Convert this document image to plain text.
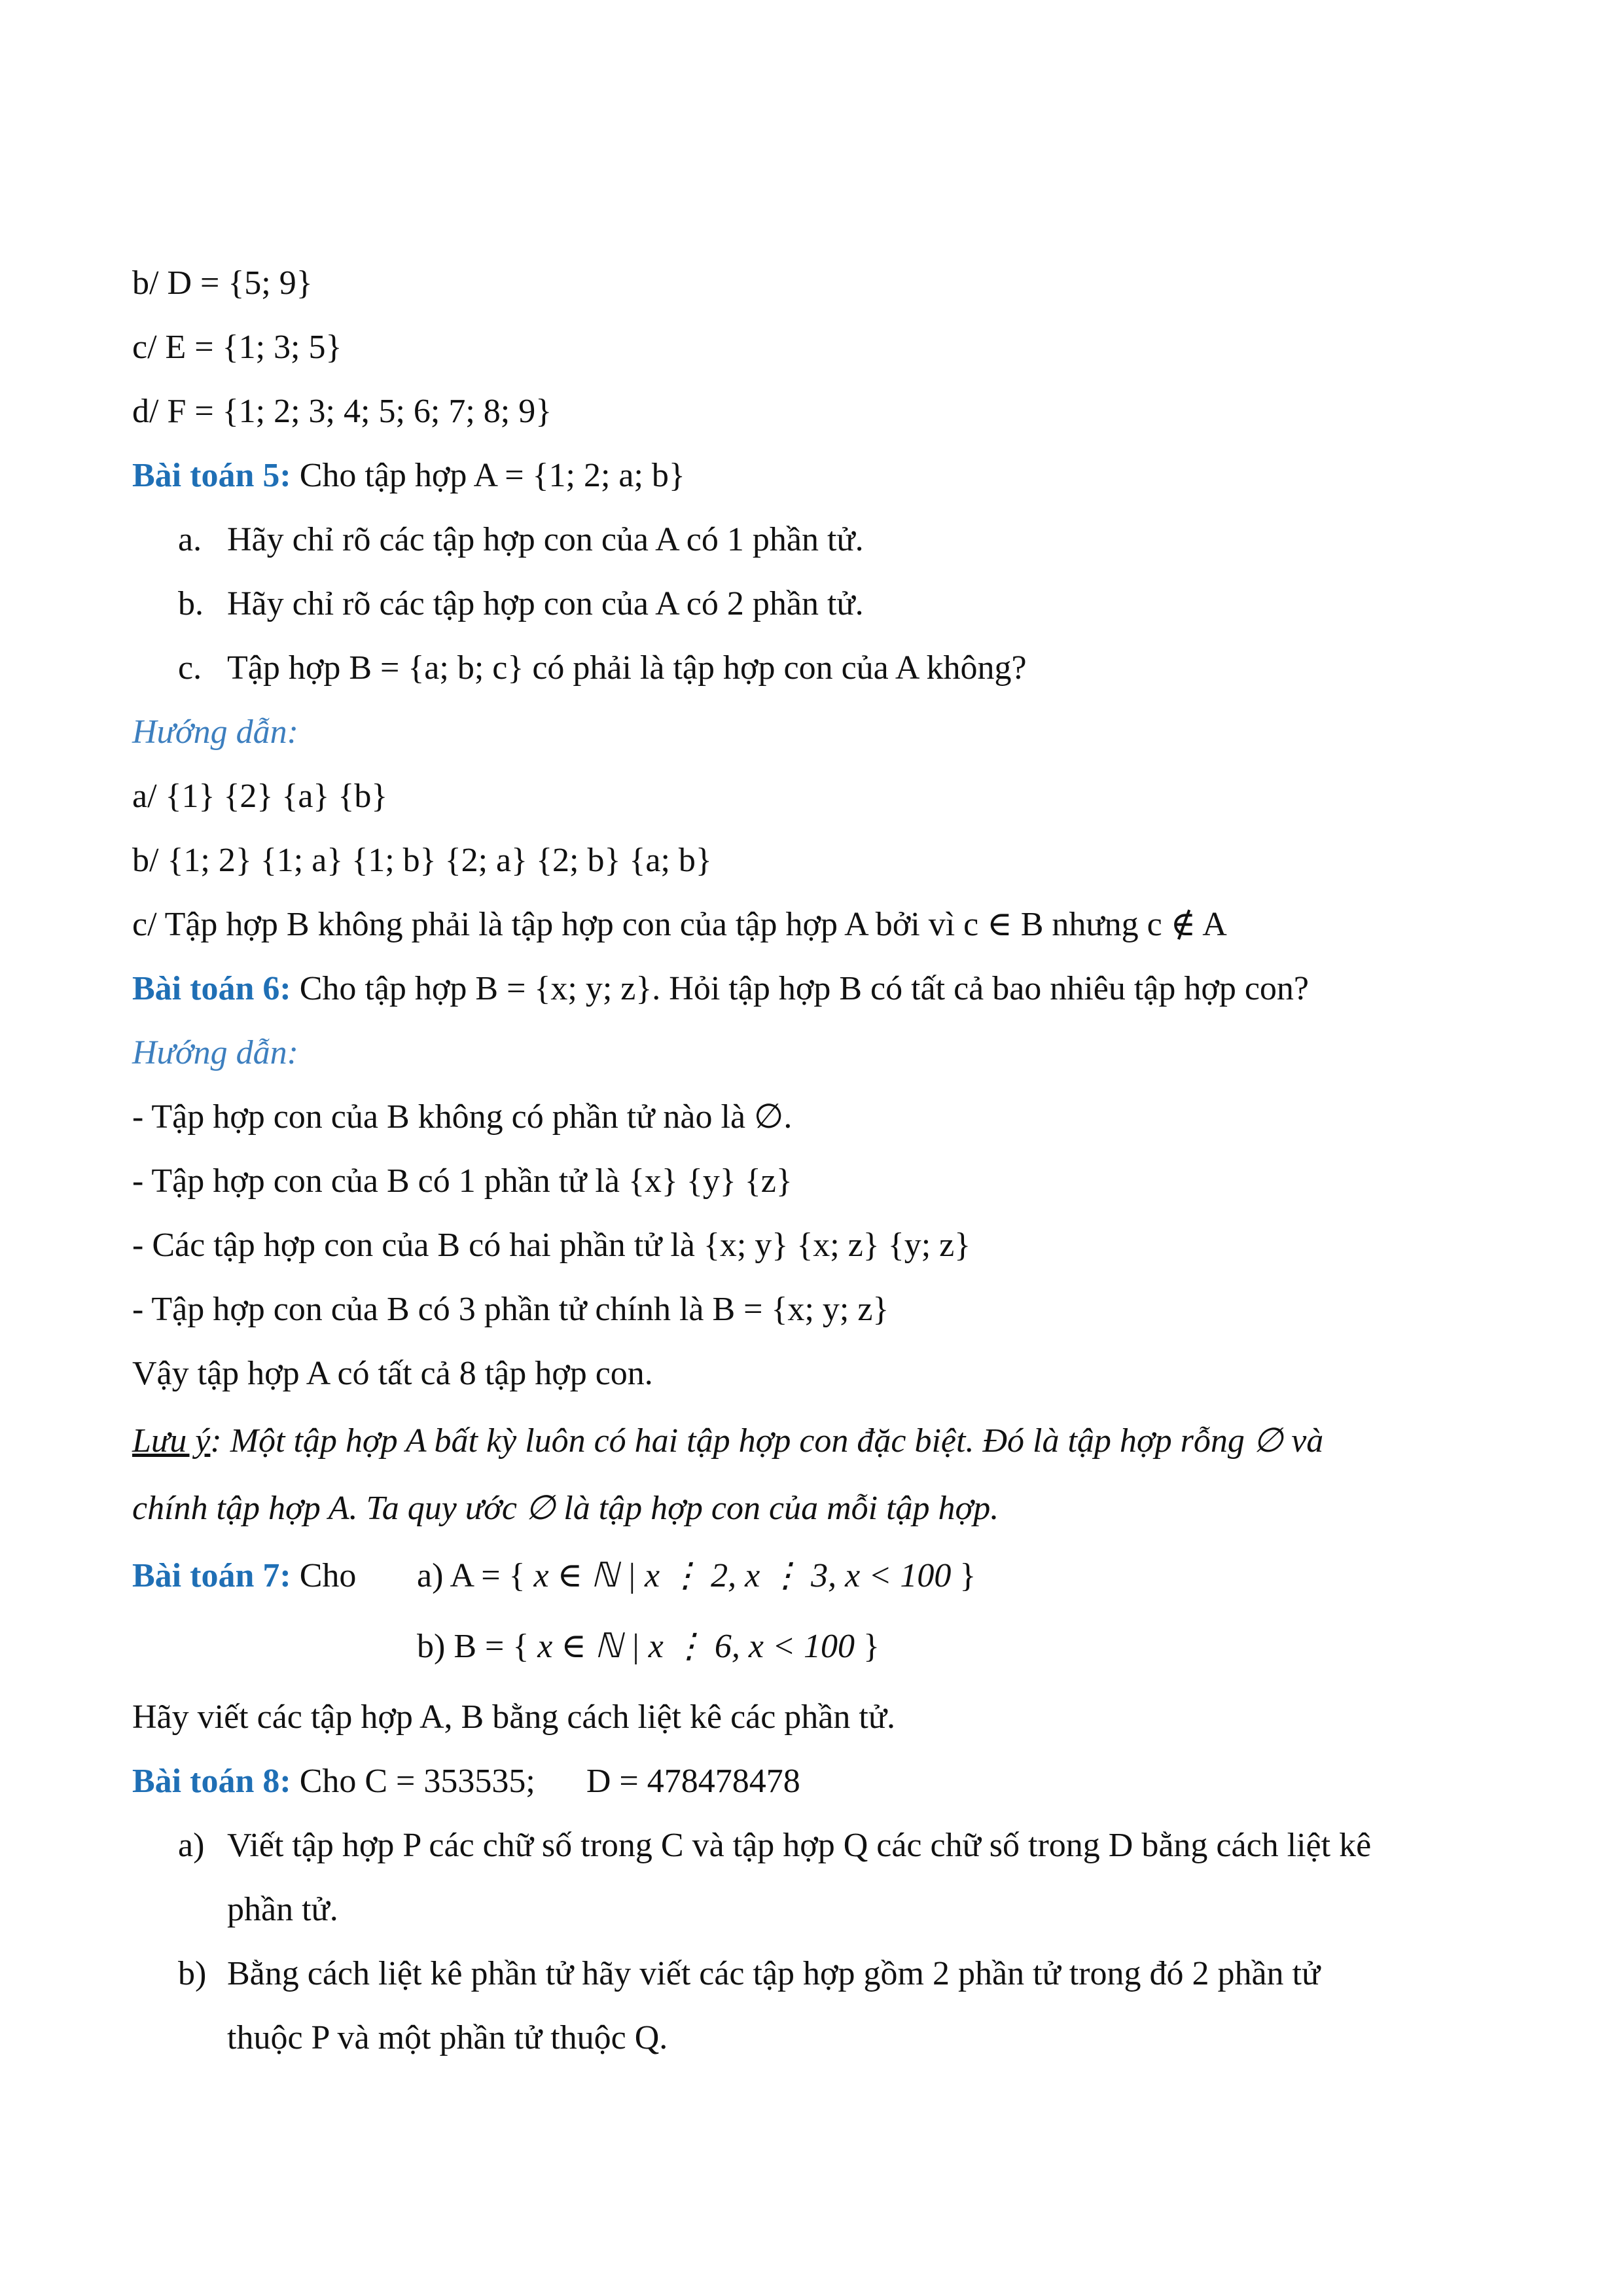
b/ D = {5; 9}
c/ E = {1; 3; 5}
d/ F = {1; 2; 3; 4; 5; 6; 7; 8; 9}
Bài toán 5: Cho tập hợp A = {1; 2; a; b}
a. Hãy chỉ rõ các tập hợp con của A có 1 phần tử.
b. Hãy chỉ rõ các tập hợp con của A có 2 phần tử.
c. Tập hợp B = {a; b; c} có phải là tập hợp con của A không?
Hướng dẫn:
a/ {1} {2} {a} {b}
b/ {1; 2} {1; a} {1; b} {2; a} {2; b} {a; b}
c/ Tập hợp B không phải là tập hợp con của tập hợp A bởi vì c ∈ B nhưng c ∉ A
Bài toán 6: Cho tập hợp B = {x; y; z}. Hỏi tập hợp B có tất cả bao nhiêu tập hợp con?
Hướng dẫn:
- Tập hợp con của B không có phần tử nào là ∅.
- Tập hợp con của B có 1 phần tử là {x} {y} {z}
- Các tập hợp con của B có hai phần tử là {x; y} {x; z} {y; z}
- Tập hợp con của B có 3 phần tử chính là B = {x; y; z}
Vậy tập hợp A có tất cả 8 tập hợp con.
Lưu ý: Một tập hợp A bất kỳ luôn có hai tập hợp con đặc biệt. Đó là tập hợp rỗng ∅ và
chính tập hợp A. Ta quy ước ∅ là tập hợp con của mỗi tập hợp.
Bài toán 7: Cho a) A = { x ∈ ℕ | x ⋮ 2, x ⋮ 3, x < 100 }
b) B = { x ∈ ℕ | x ⋮ 6, x < 100 }
Hãy viết các tập hợp A, B bằng cách liệt kê các phần tử.
Bài toán 8: Cho C = 353535;      D = 478478478
a) Viết tập hợp P các chữ số trong C và tập hợp Q các chữ số trong D bằng cách liệt kê
phần tử.
b) Bằng cách liệt kê phần tử hãy viết các tập hợp gồm 2 phần tử trong đó 2 phần tử
thuộc P và một phần tử thuộc Q.
